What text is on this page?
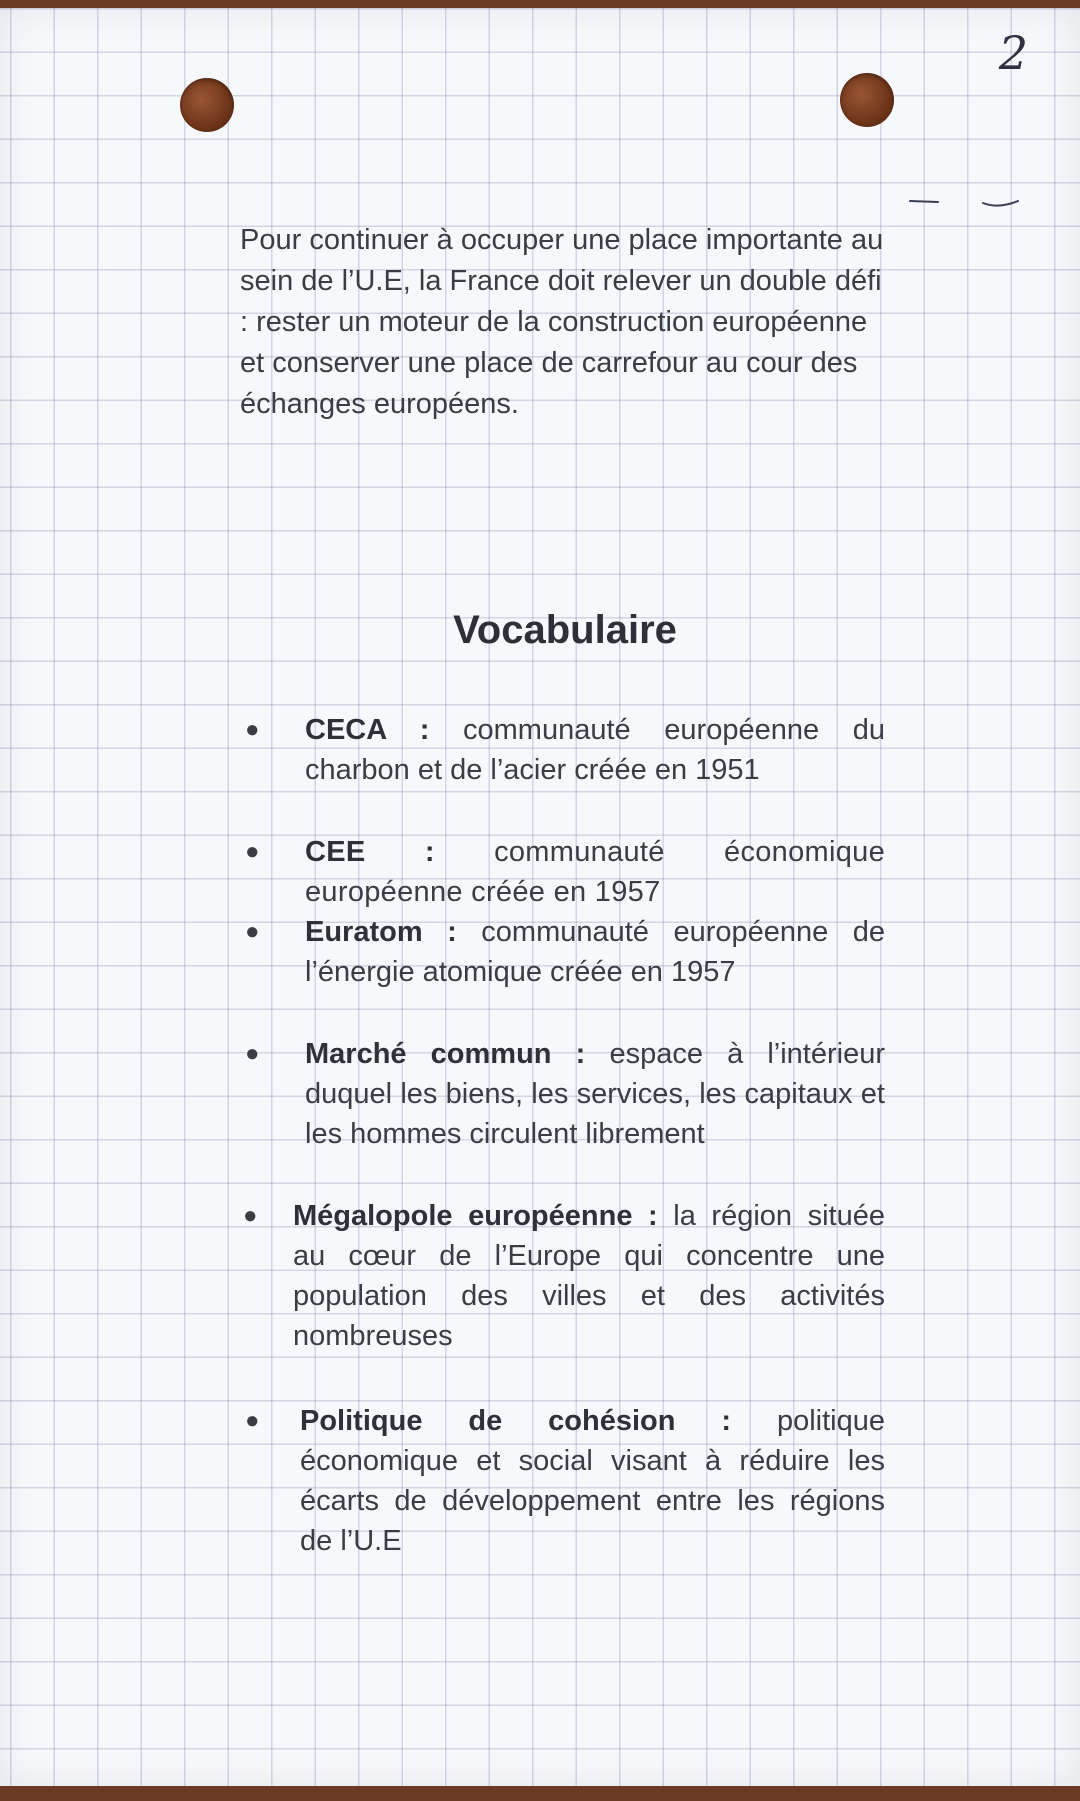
2

Pour continuer à occuper une place importante au sein de l’U.E, la France doit relever un double défi : rester un moteur de la construction européenne et conserver une place de carrefour au cour des échanges européens.

Vocabulaire
● CECA : communauté européenne du charbon et de l’acier créée en 1951
● CEE : communauté économique européenne créée en 1957
● Euratom : communauté européenne de l’énergie atomique créée en 1957
● Marché commun : espace à l’intérieur duquel les biens, les services, les capitaux et les hommes circulent librement
● Mégalopole européenne : la région située au cœur de l’Europe qui concentre une population des villes et des activités nombreuses
● Politique de cohésion : politique économique et social visant à réduire les écarts de développement entre les régions de l’U.E
